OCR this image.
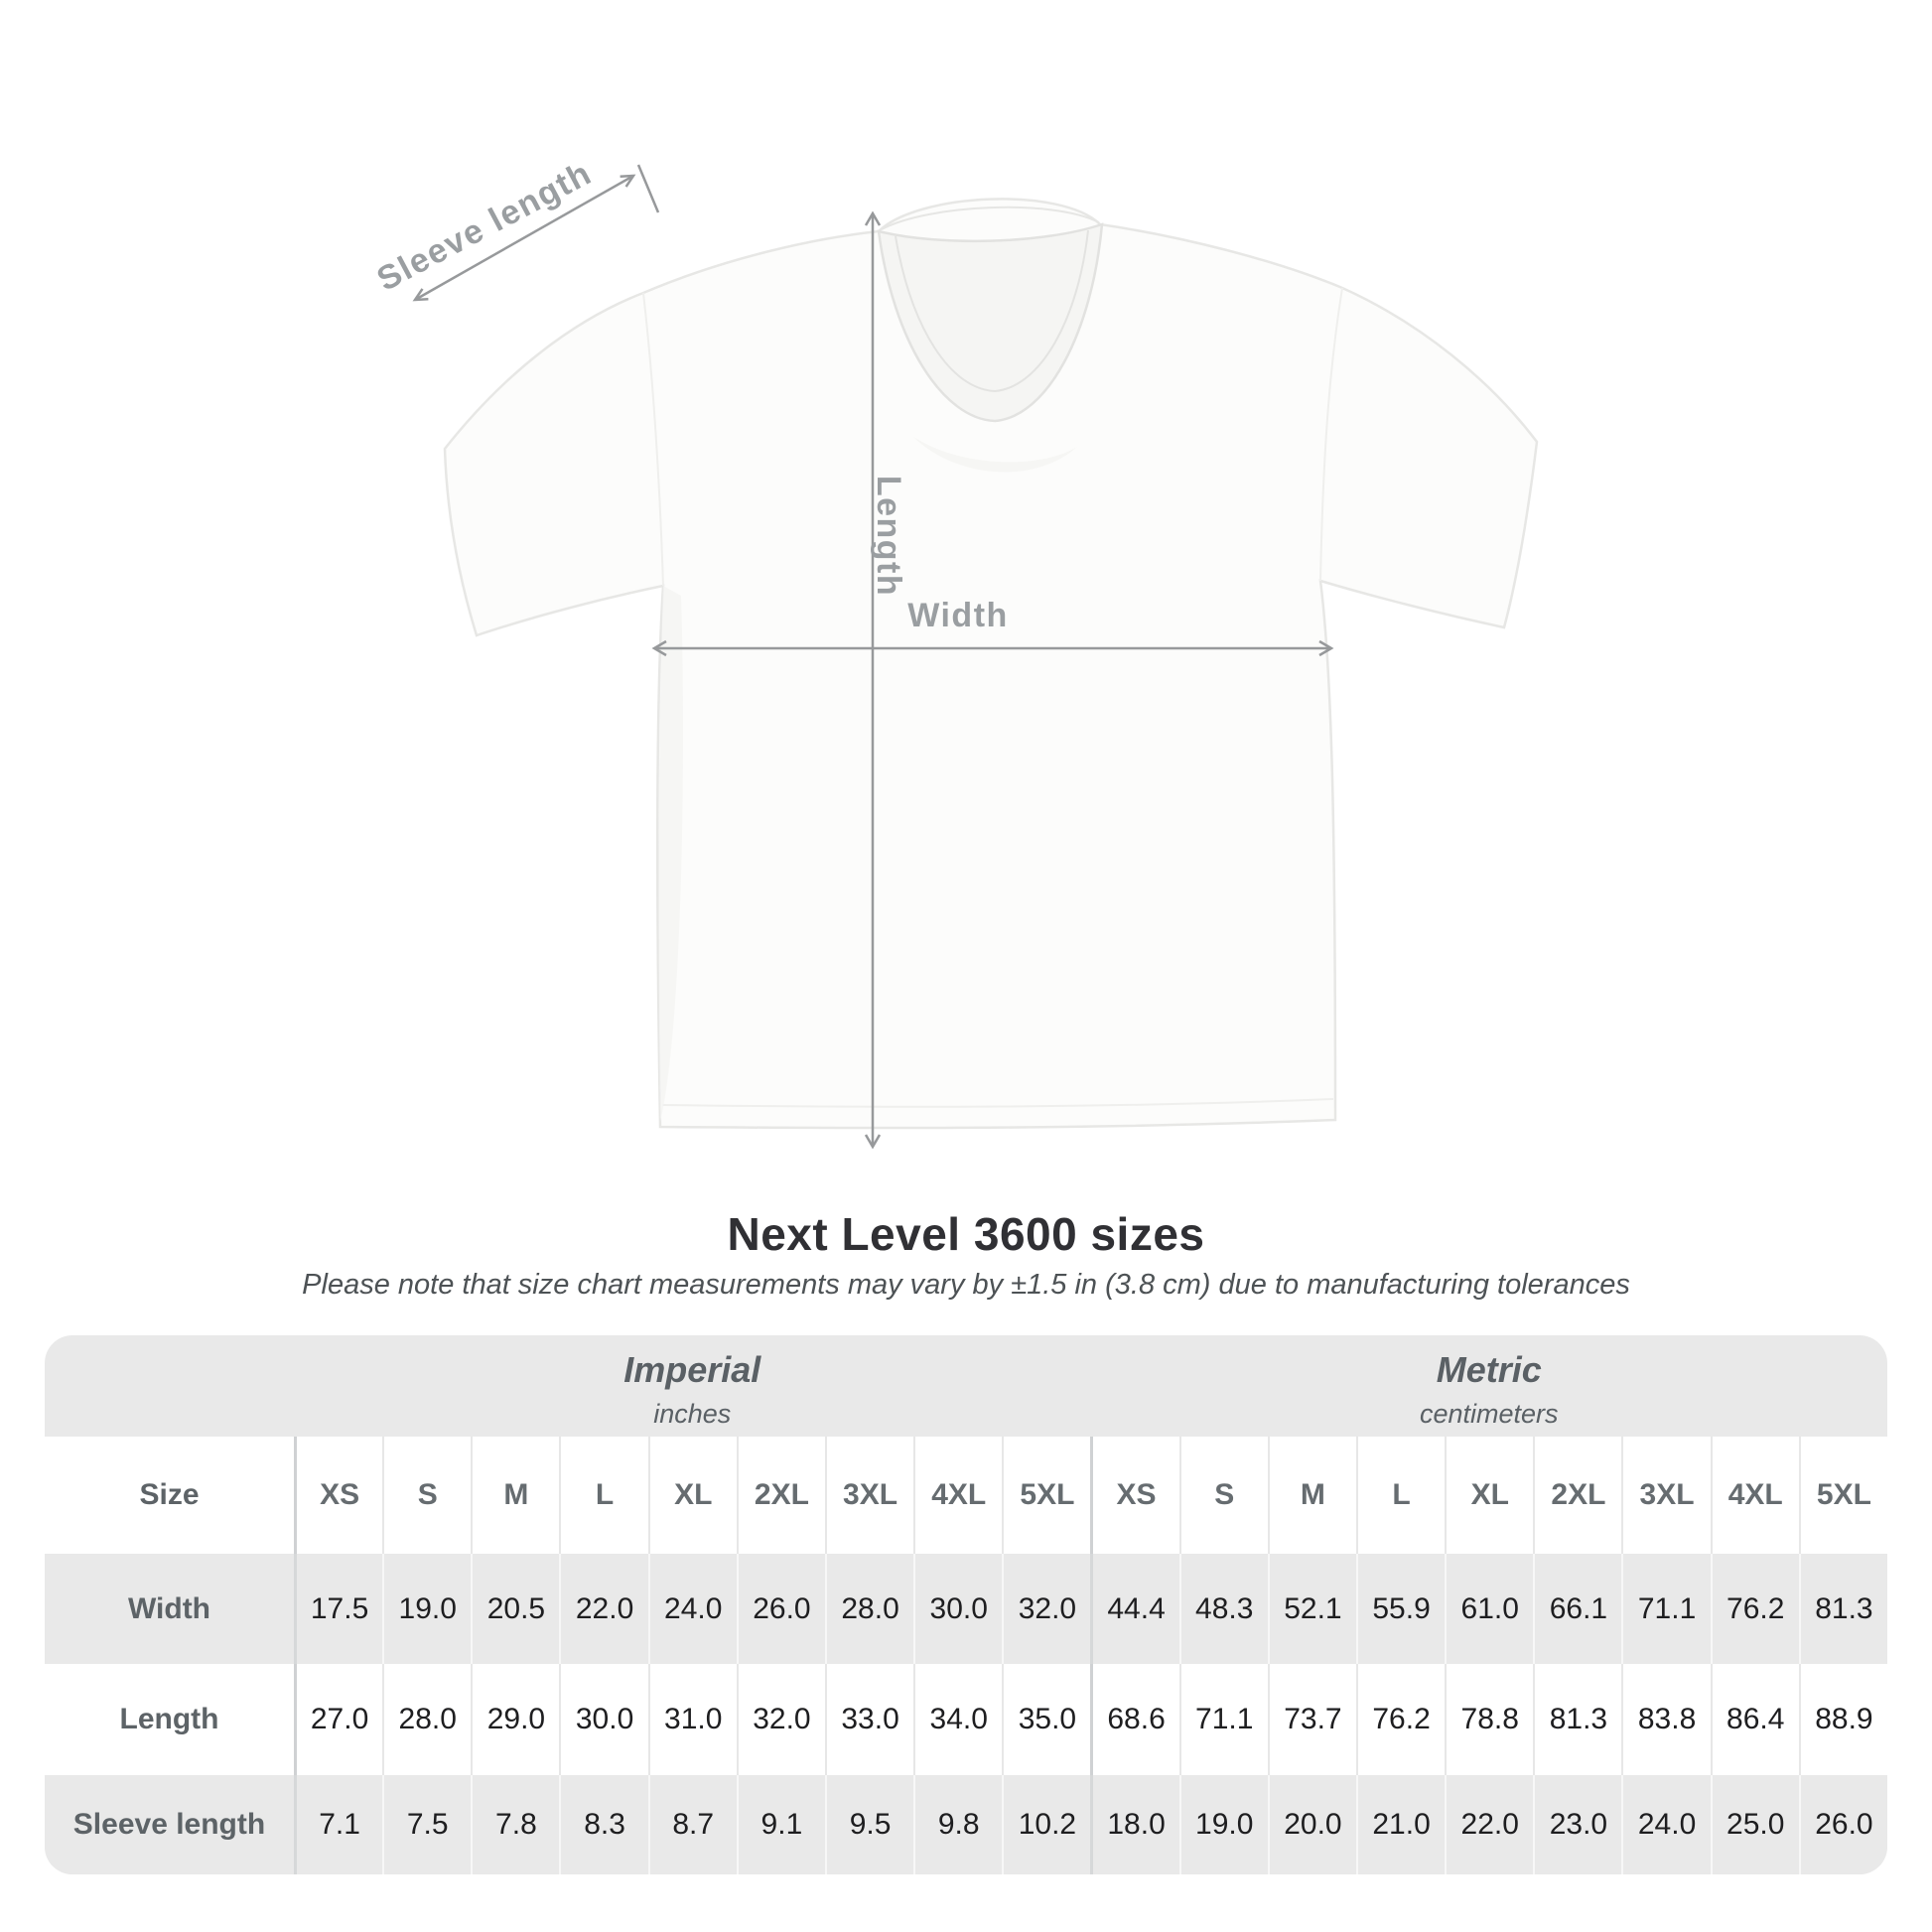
Length
Width
Sleeve length
Next Level 3600 sizes
Please note that size chart measurements may vary by ±1.5 in (3.8 cm) due to manufacturing tolerances
Imperial
inches
Metric
centimeters
Size	XS	S	M	L	XL	2XL	3XL	4XL	5XL	XS	S	M	L	XL	2XL	3XL	4XL	5XL
Width	17.5	19.0	20.5	22.0	24.0	26.0	28.0	30.0	32.0	44.4	48.3	52.1	55.9	61.0	66.1	71.1	76.2	81.3
Length	27.0	28.0	29.0	30.0	31.0	32.0	33.0	34.0	35.0	68.6	71.1	73.7	76.2	78.8	81.3	83.8	86.4	88.9
Sleeve length	7.1	7.5	7.8	8.3	8.7	9.1	9.5	9.8	10.2	18.0	19.0	20.0	21.0	22.0	23.0	24.0	25.0	26.0
